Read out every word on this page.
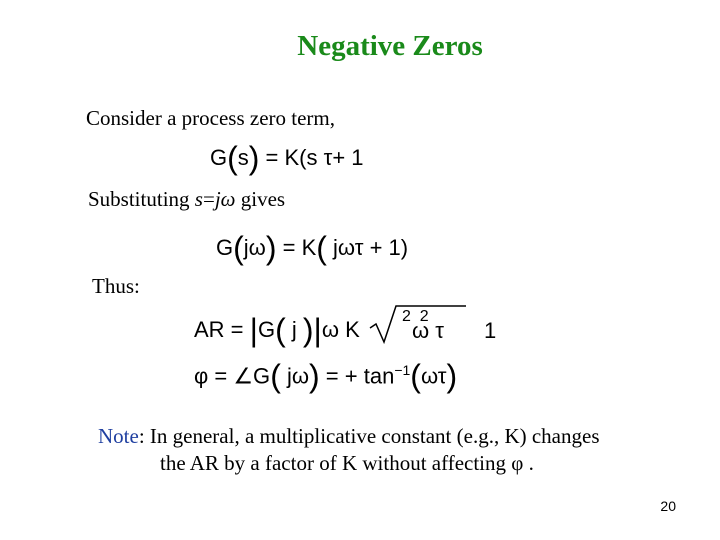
Negative Zeros
Consider a process zero term,
G(s) = K(s τ+ 1
Substituting s=jω gives
G(jω) = K( jωτ + 1)
Thus:
AR = |G( j )|ω K
2  2
ω τ 1
φ = ∠G( jω) = + $\tan^{-1}(\omega\tau)$
Note: In general, a multiplicative constant (e.g., K) changes
the AR by a factor of K without affecting φ .
20
